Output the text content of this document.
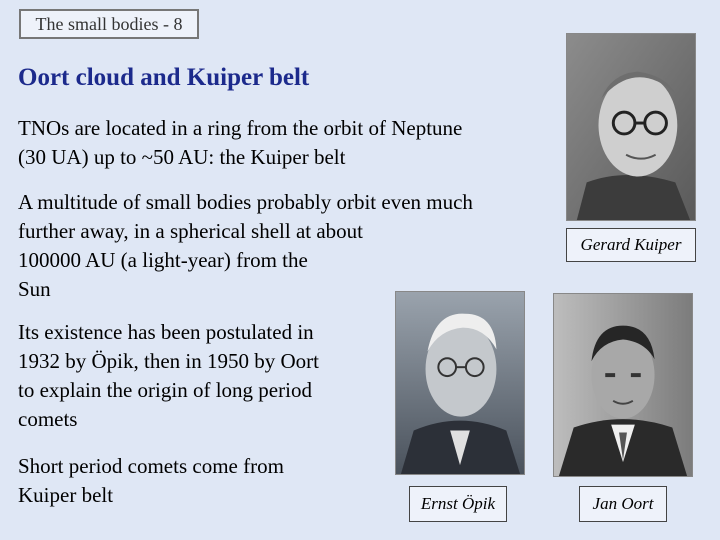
The small bodies - 8
Oort cloud and Kuiper belt

TNOs are located in a ring from the orbit of Neptune
(30 UA) up to ~50 AU: the Kuiper belt

A multitude of small bodies probably orbit even much
further away, in a spherical shell at about
100000 AU (a light-year) from the
Sun

Its existence has been postulated in
1932 by Öpik, then in 1950 by Oort
to explain the origin of long period
comets

Short period comets come from
Kuiper belt

Gerard Kuiper
Ernst Öpik	Jan Oort
